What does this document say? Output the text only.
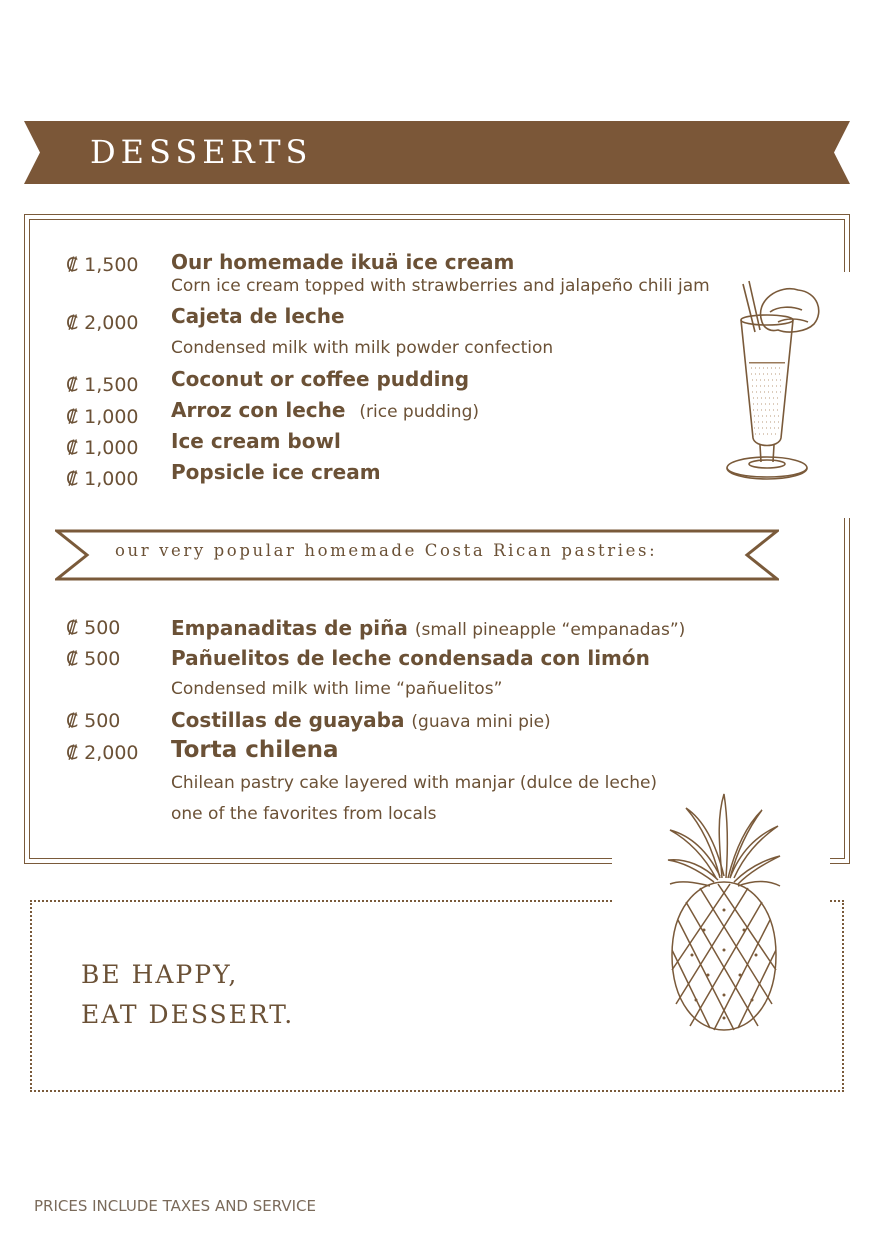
DESSERTS
₡ 1,500 Our homemade ikuä ice cream
Corn ice cream topped with strawberries and jalapeño chili jam
₡ 2,000 Cajeta de leche
Condensed milk with milk powder confection
₡ 1,500 Coconut or coffee pudding
₡ 1,000 Arroz con leche (rice pudding)
₡ 1,000 Ice cream bowl
₡ 1,000 Popsicle ice cream
our very popular homemade Costa Rican pastries:
₡ 500	Empanaditas de piña (small pineapple “empanadas”)
₡ 500	Pañuelitos de leche condensada con limón
Condensed milk with lime “pañuelitos”
₡ 500	Costillas de guayaba (guava mini pie)
₡ 2,000 Torta chilena
Chilean pastry cake layered with manjar (dulce de leche)
one of the favorites from locals
BE HAPPY,
EAT DESSERT.
PRICES INCLUDE TAXES AND SERVICE
